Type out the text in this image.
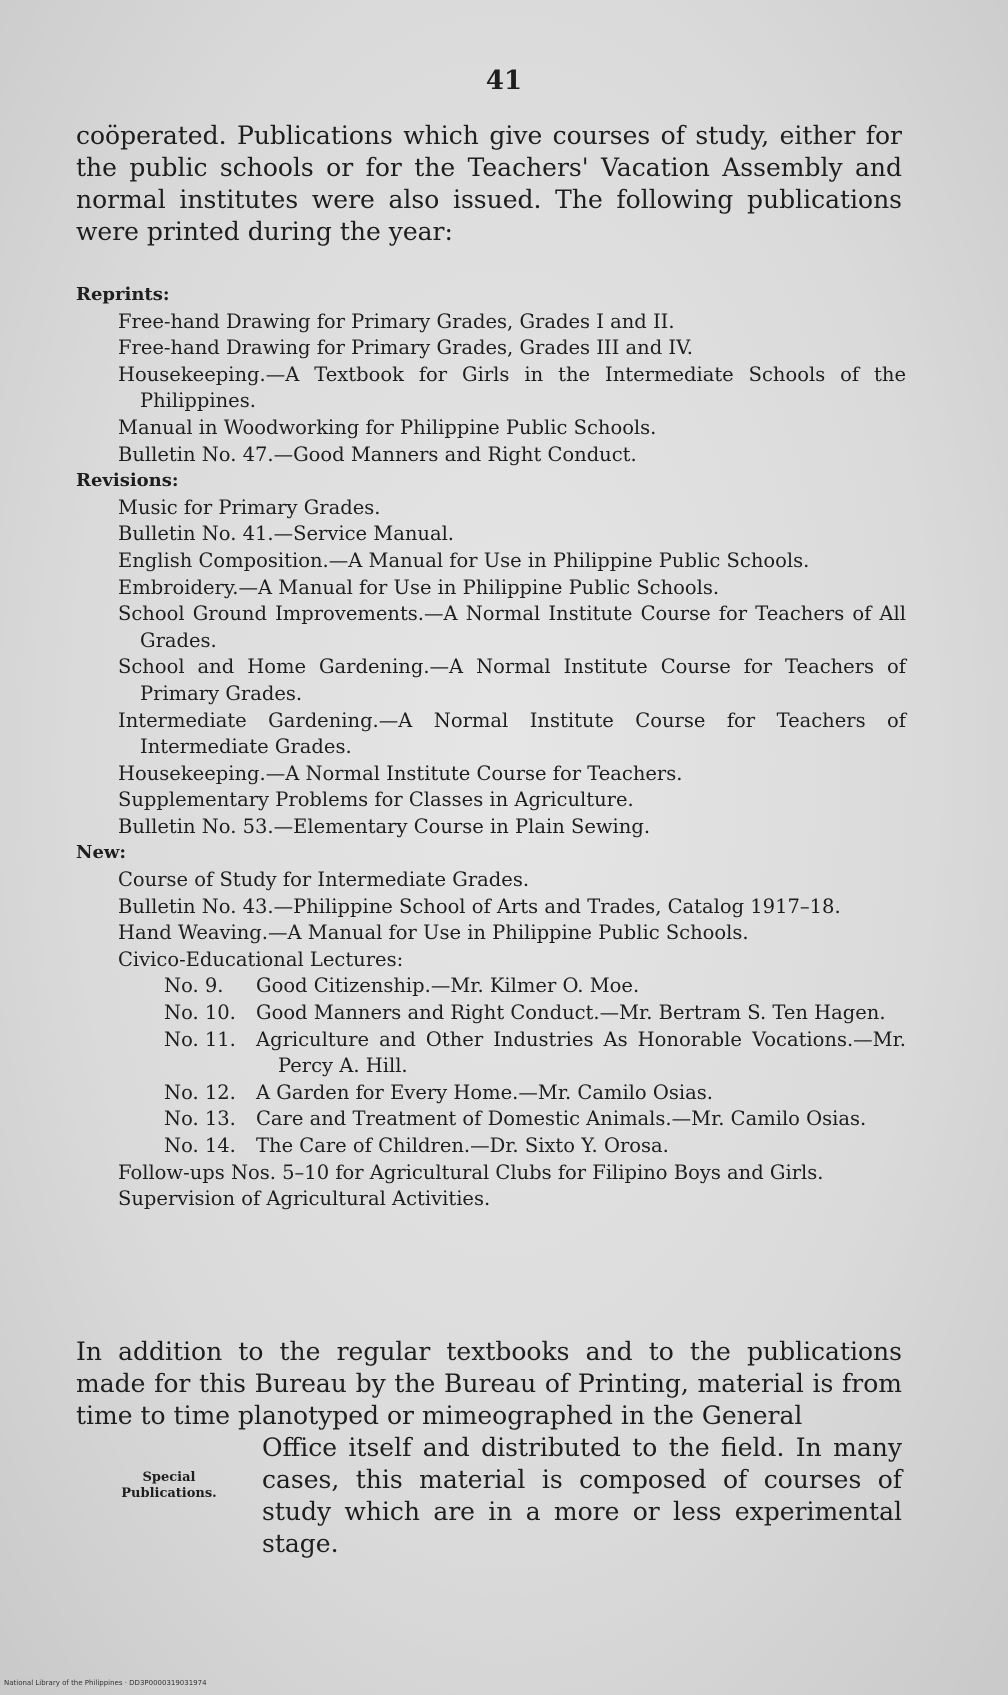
41

coöperated. Publications which give courses of study, either for the public schools or for the Teachers' Vacation Assembly and normal institutes were also issued. The following publications were printed during the year:

Reprints:

Free-hand Drawing for Primary Grades, Grades I and II.

Free-hand Drawing for Primary Grades, Grades III and IV.

Housekeeping.—A Textbook for Girls in the Intermediate Schools of the Philippines.

Manual in Woodworking for Philippine Public Schools.

Bulletin No. 47.—Good Manners and Right Conduct.

Revisions:

Music for Primary Grades.

Bulletin No. 41.—Service Manual.

English Composition.—A Manual for Use in Philippine Public Schools.

Embroidery.—A Manual for Use in Philippine Public Schools.

School Ground Improvements.—A Normal Institute Course for Teachers of All Grades.

School and Home Gardening.—A Normal Institute Course for Teachers of Primary Grades.

Intermediate Gardening.—A Normal Institute Course for Teachers of Intermediate Grades.

Housekeeping.—A Normal Institute Course for Teachers.

Supplementary Problems for Classes in Agriculture.

Bulletin No. 53.—Elementary Course in Plain Sewing.

New:

Course of Study for Intermediate Grades.

Bulletin No. 43.—Philippine School of Arts and Trades, Catalog 1917–18.

Hand Weaving.—A Manual for Use in Philippine Public Schools.

Civico-Educational Lectures:

No. 9.	Good Citizenship.—Mr. Kilmer O. Moe.
No. 10.	Good Manners and Right Conduct.—Mr. Bertram S. Ten Hagen.
No. 11.	Agriculture and Other Industries As Honorable Vocations.—Mr. Percy A. Hill.
No. 12.	A Garden for Every Home.—Mr. Camilo Osias.
No. 13.	Care and Treatment of Domestic Animals.—Mr. Camilo Osias.
No. 14.	The Care of Children.—Dr. Sixto Y. Orosa.

Follow-ups Nos. 5–10 for Agricultural Clubs for Filipino Boys and Girls.

Supervision of Agricultural Activities.

In addition to the regular textbooks and to the publications made for this Bureau by the Bureau of Printing, material is from time to time planotyped or mimeographed in the General

Special
Publications.
Office itself and distributed to the field. In many cases, this material is composed of courses of study which are in a more or less experimental stage.
National Library of the Philippines · DD3P0000319031974
